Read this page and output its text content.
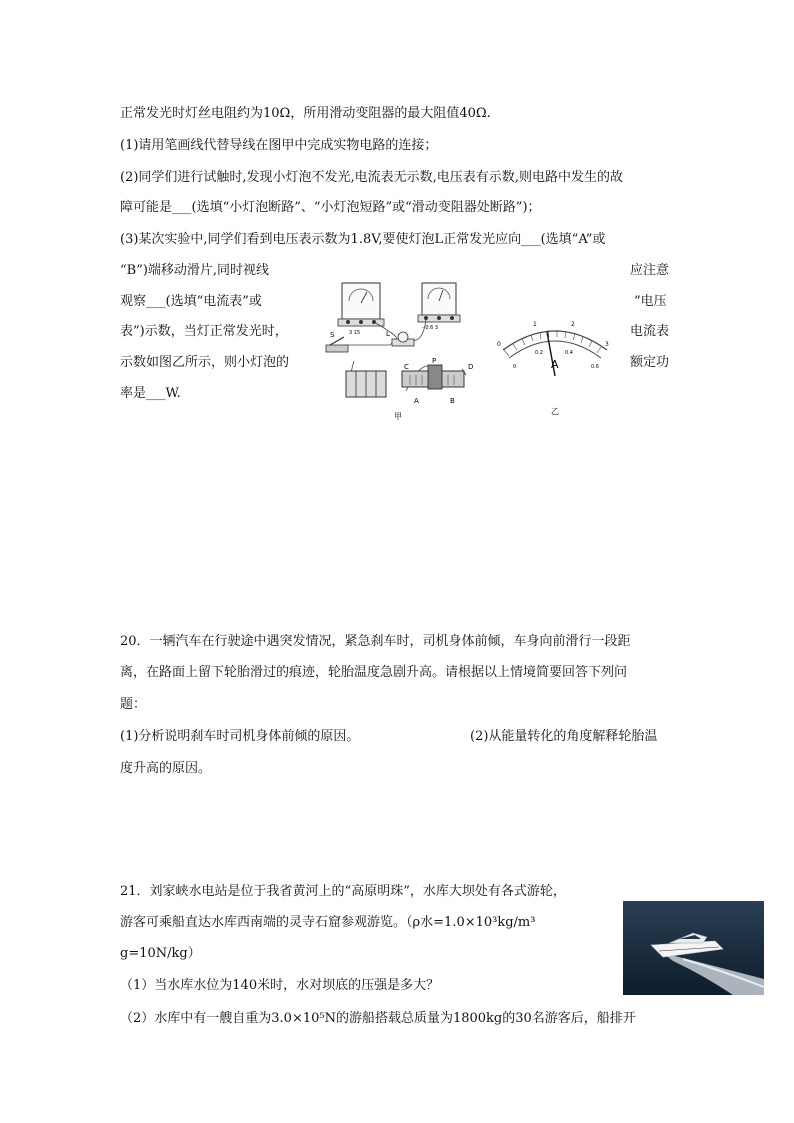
正常发光时灯丝电阻约为10Ω，所用滑动变阻器的最大阻值40Ω.
(1)请用笔画线代替导线在图甲中完成实物电路的连接；
(2)同学们进行试触时,发现小灯泡不发光,电流表无示数,电压表有示数,则电路中发生的故
障可能是___(选填“小灯泡断路”、“小灯泡短路”或“滑动变阻器处断路”)；
(3)某次实验中,同学们看到电压表示数为1.8V,要使灯泡L正常发光应向___(选填“A”或
“B”)端移动滑片,同时视线	应注意
观察___(选填“电流表”或	“电压
表”)示数，当灯正常发光时，	电流表
示数如图乙所示，则小灯泡的	额定功
率是___W.
3 15
- 0.6 3
S	L
C
P
D
A	B
甲
0
1	2
3
0
0.2	0.4
0.6
A
乙
20．一辆汽车在行驶途中遇突发情况，紧急刹车时，司机身体前倾，车身向前滑行一段距
离，在路面上留下轮胎滑过的痕迹，轮胎温度急剧升高。请根据以上情境简要回答下列问
题：
(1)分析说明刹车时司机身体前倾的原因。	(2)从能量转化的角度解释轮胎温
度升高的原因。
21．刘家峡水电站是位于我省黄河上的“高原明珠”，水库大坝处有各式游轮，
游客可乘船直达水库西南端的灵寺石窟参观游览。（ρ水=1.0×10³kg/m³
g=10N/kg）
（1）当水库水位为140米时，水对坝底的压强是多大？
（2）水库中有一艘自重为3.0×10⁵N的游船搭载总质量为1800kg的30名游客后，船排开
